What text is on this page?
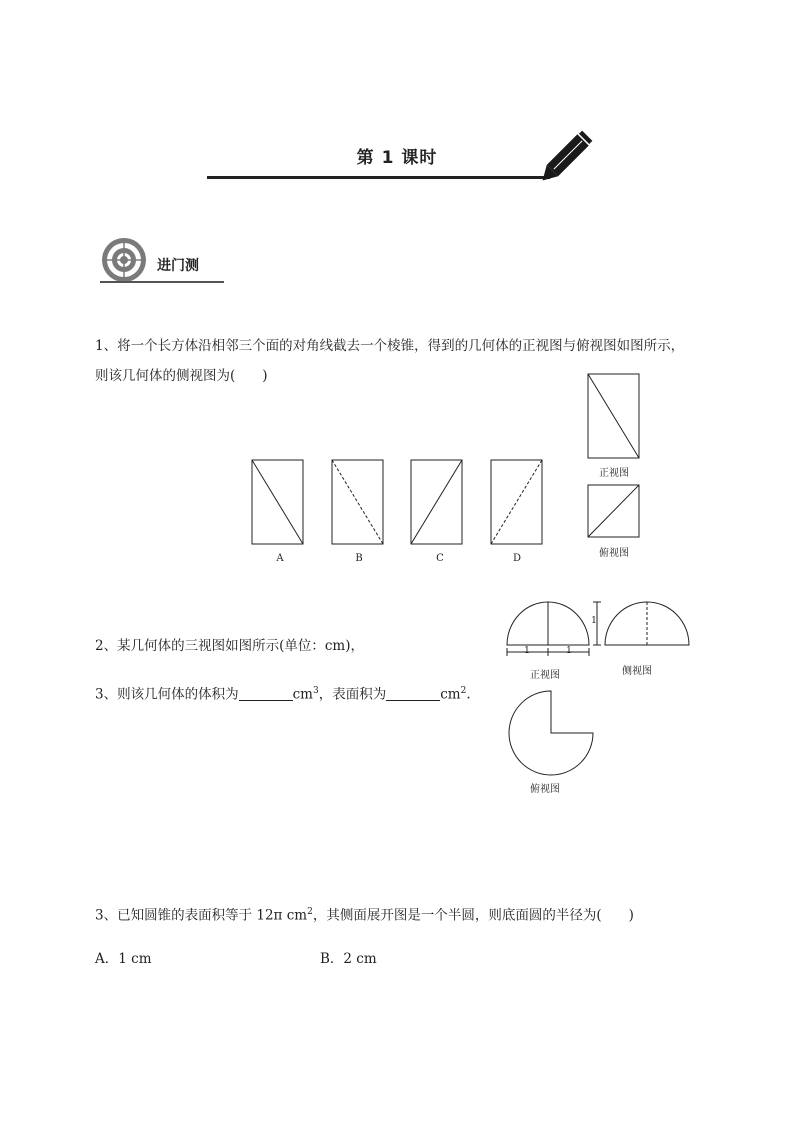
第 1 课时
进门测
1、将一个长方体沿相邻三个面的对角线截去一个棱锥，得到的几何体的正视图与俯视图如图所示，
则该几何体的侧视图为(　　)
A	B	C	D
正视图
俯视图
2、某几何体的三视图如图所示(单位：cm)，	1	1
1
正视图	侧视图
俯视图
3、则该几何体的体积为	$cm^3$，表面积为	$cm^2$.
3、已知圆锥的表面积等于 12π $cm^2$，其侧面展开图是一个半圆，则底面圆的半径为(　　)
A．1 cm	B．2 cm
